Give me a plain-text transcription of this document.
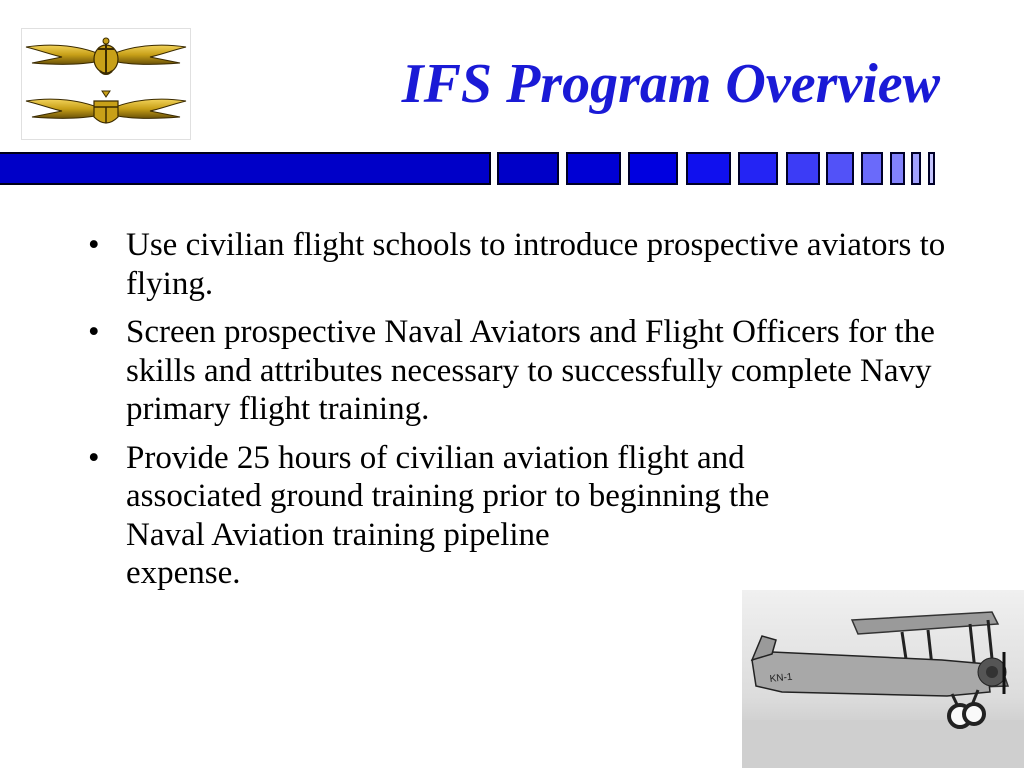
IFS Program Overview
• Use civilian flight schools to introduce prospective aviators to flying.
• Screen prospective Naval Aviators and Flight Officers for the skills and attributes necessary to successfully complete Navy primary flight training.
• Provide 25 hours of civilian aviation flight and
associated ground training prior to beginning the
Naval Aviation training pipeline
expense.
KN-1
